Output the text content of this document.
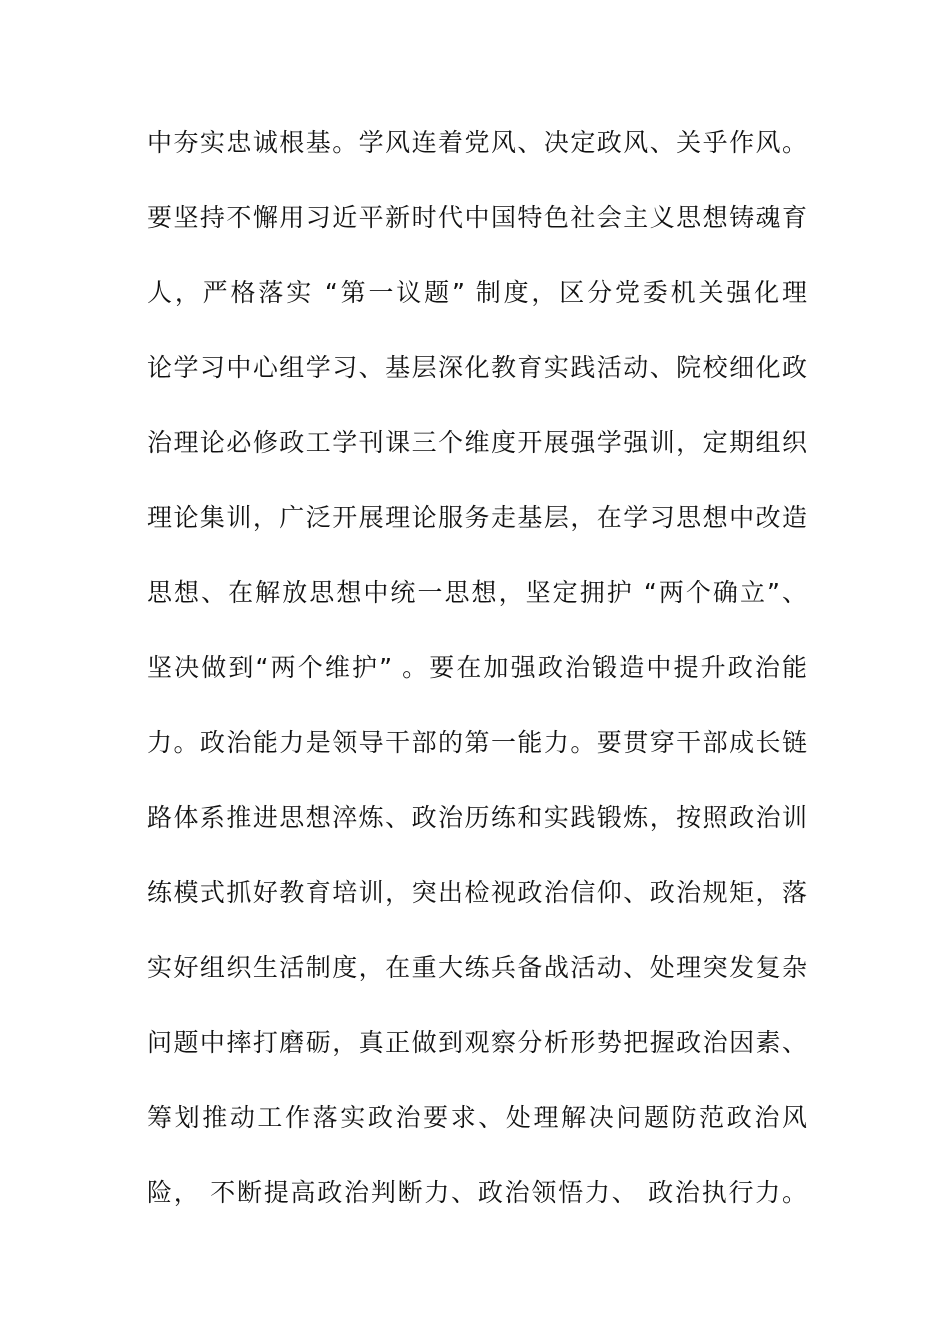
中夯实忠诚根基。学风连着党风、决定政风、关乎作风。
要坚持不懈用习近平新时代中国特色社会主义思想铸魂育
人，严格落实 “第一议题” 制度，区分党委机关强化理
论学习中心组学习、基层深化教育实践活动、院校细化政
治理论必修政工学刊课三个维度开展强学强训，定期组织
理论集训，广泛开展理论服务走基层，在学习思想中改造
思想、在解放思想中统一思想，坚定拥护 “两个确立”、
坚决做到“两个维护” 。要在加强政治锻造中提升政治能
力。政治能力是领导干部的第一能力。要贯穿干部成长链
路体系推进思想淬炼、政治历练和实践锻炼，按照政治训
练模式抓好教育培训，突出检视政治信仰、政治规矩，落
实好组织生活制度，在重大练兵备战活动、处理突发复杂
问题中摔打磨砺，真正做到观察分析形势把握政治因素、
筹划推动工作落实政治要求、处理解决问题防范政治风
险， 不断提高政治判断力、政治领悟力、 政治执行力。
